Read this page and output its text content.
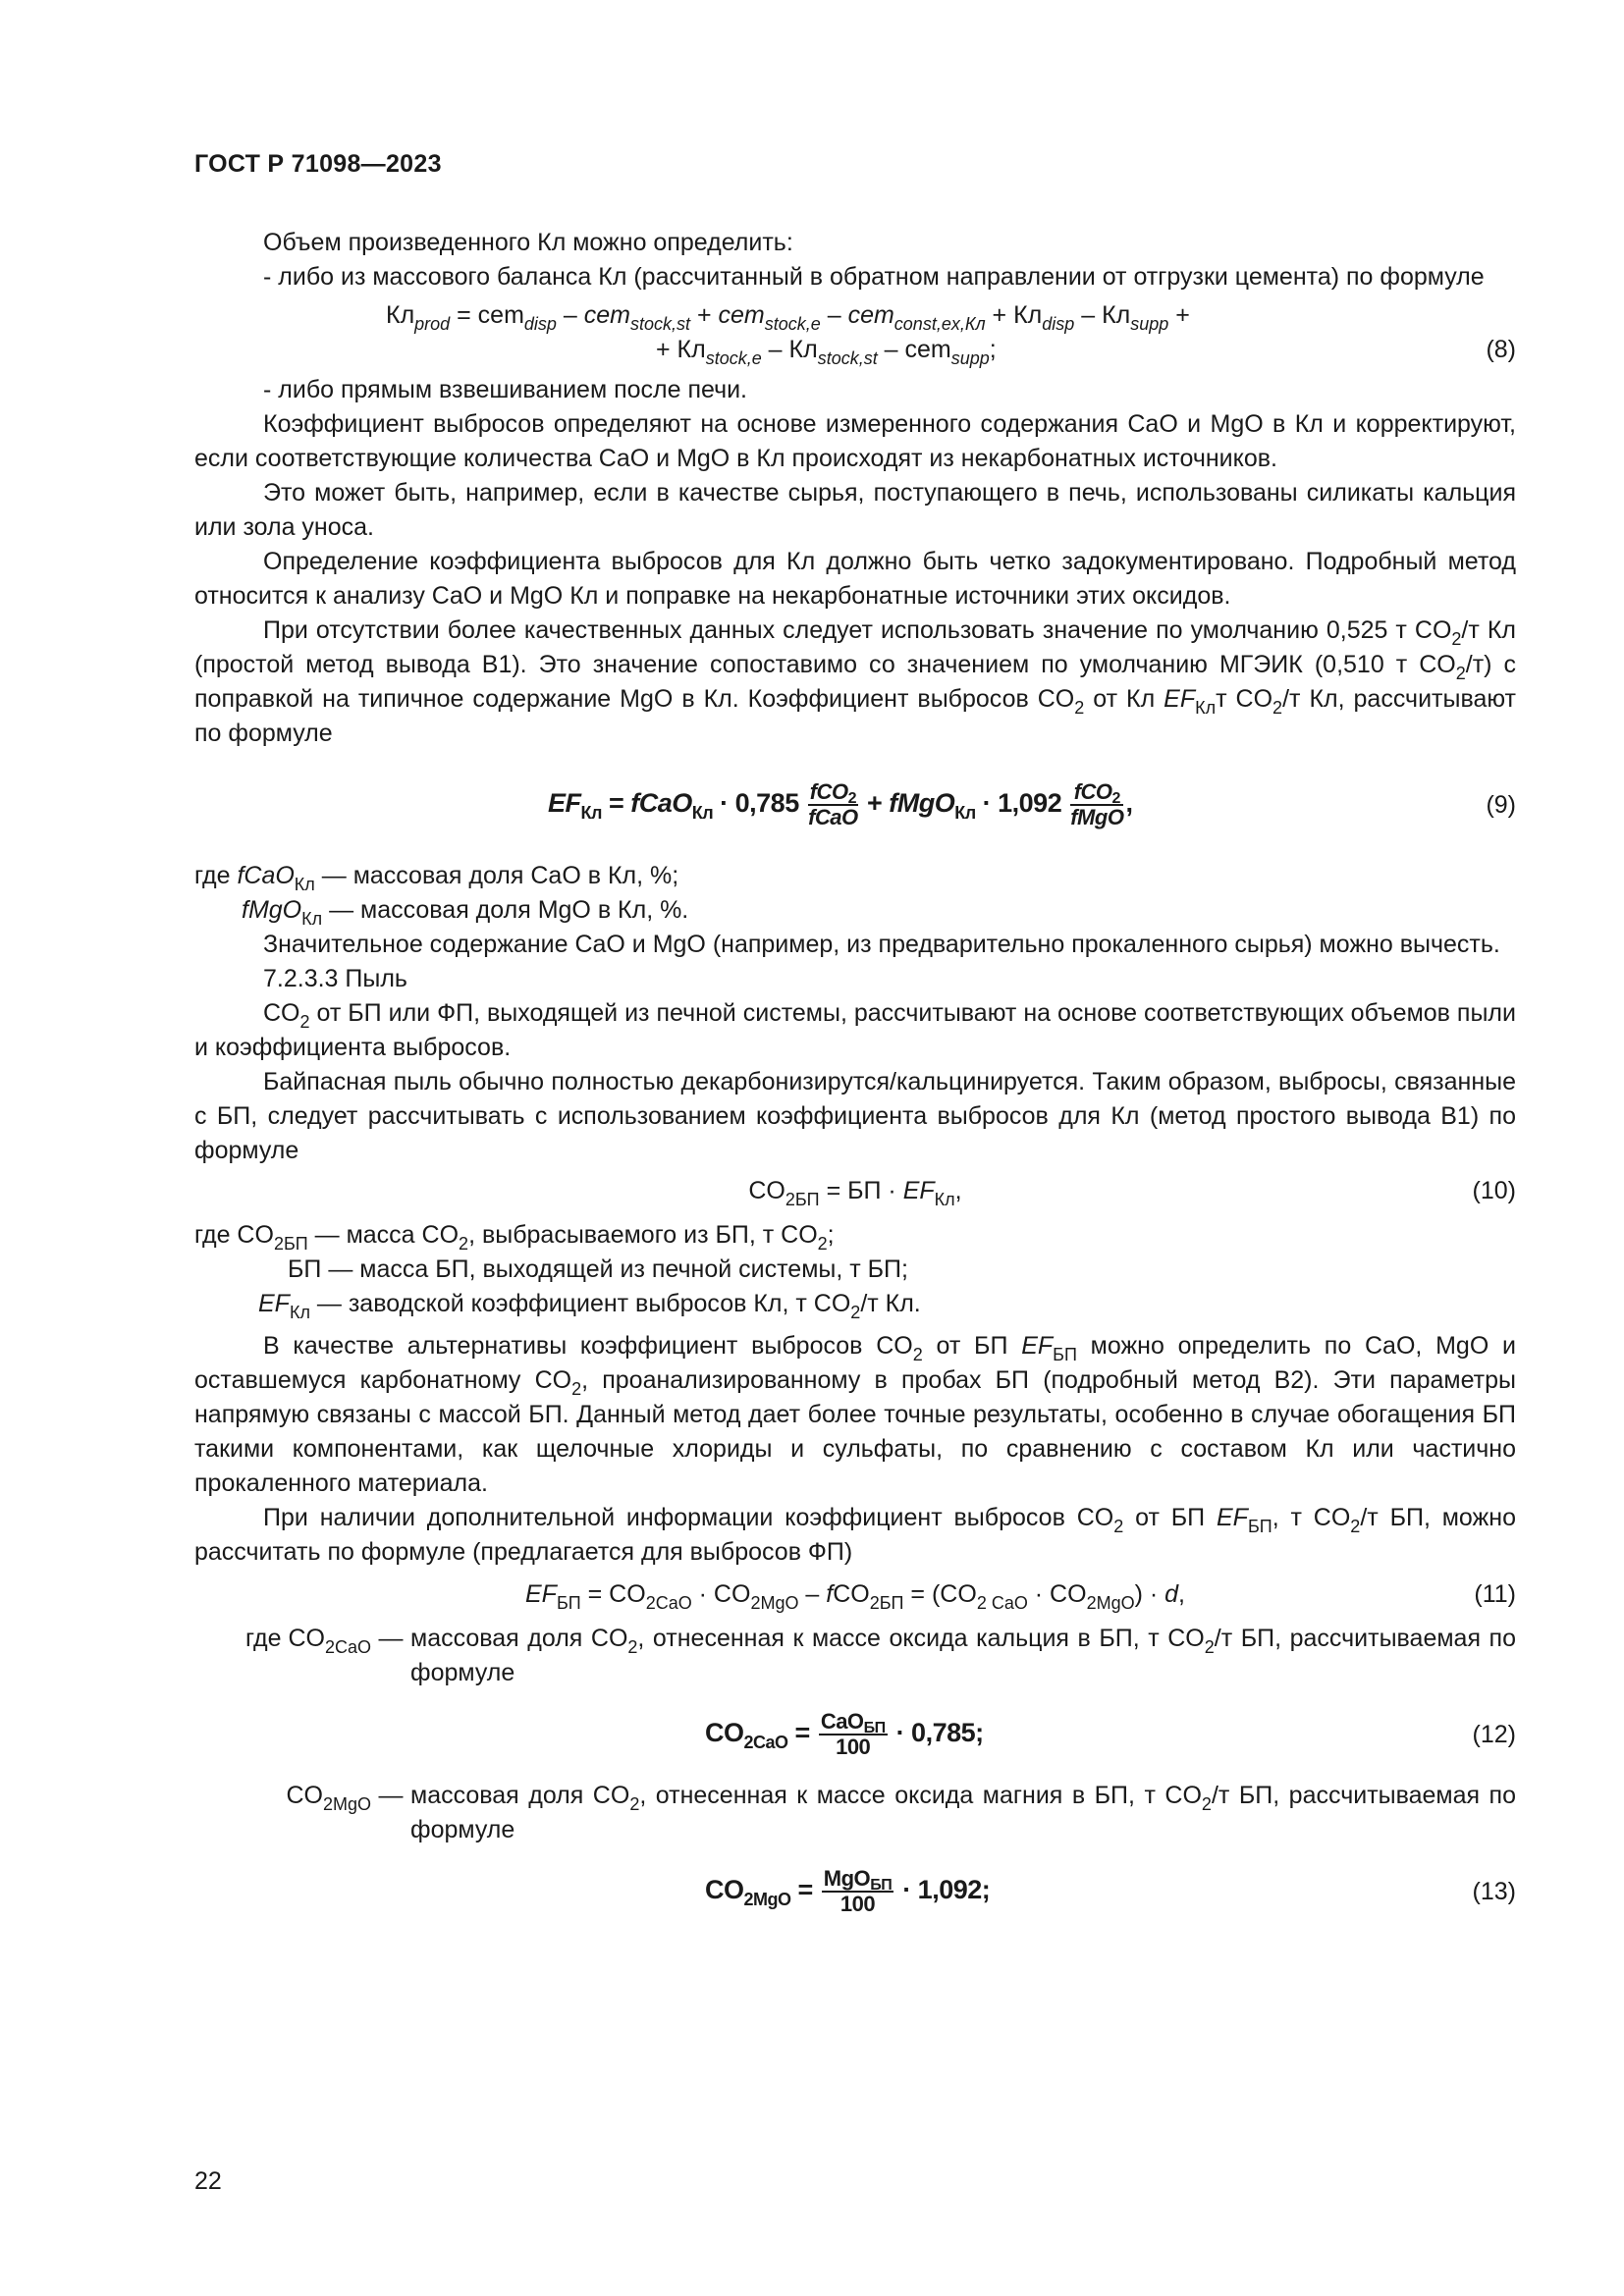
ГОСТ Р 71098—2023

Объем произведенного Кл можно определить:

- либо из массового баланса Кл (рассчитанный в обратном направлении от отгрузки цемента) по формуле

$Кл_{prod} = cem_{disp} - cem_{stock,st} + cem_{stock,e} - cem_{const,ex,Кл} + Кл_{disp} - Кл_{supp}$ +
+ $Кл_{stock,e} - Кл_{stock,st} - cem_{supp}$;	(8)

- либо прямым взвешиванием после печи.

Коэффициент выбросов определяют на основе измеренного содержания CaO и MgO в Кл и корректируют, если соответствующие количества CaO и MgO в Кл происходят из некарбонатных источников.

Это может быть, например, если в качестве сырья, поступающего в печь, использованы силикаты кальция или зола уноса.

Определение коэффициента выбросов для Кл должно быть четко задокументировано. Подробный метод относится к анализу CaO и MgO Кл и поправке на некарбонатные источники этих оксидов.

При отсутствии более качественных данных следует использовать значение по умолчанию 0,525 т $CO_2/т$ Кл (простой метод вывода B1). Это значение сопоставимо со значением по умолчанию МГЭИК (0,510 т $CO_2/т$) с поправкой на типичное содержание MgO в Кл. Коэффициент выбросов $CO_2$ от Кл $EF_{Кл}т$ $CO_2/т$ Кл, рассчитывают по формуле

$EF_{Кл}$ = fCaO$_{Кл}$ · $0,785 \frac{fCO_2}{\text{fCaO}}$ + fMgO$_{Кл}$ · $1,092 \frac{fCO_2}{\text{fMgO}}$ ,	(9)

где fCaO$_{Кл}$ — массовая доля CaO в Кл, %;

fMgO$_{Кл}$ — массовая доля MgO в Кл, %.

Значительное содержание CaO и MgO (например, из предварительно прокаленного сырья) можно вычесть.

7.2.3.3 Пыль

$CO_2$ от БП или ФП, выходящей из печной системы, рассчитывают на основе соответствующих объемов пыли и коэффициента выбросов.

Байпасная пыль обычно полностью декарбонизирутся/кальцинируется. Таким образом, выбросы, связанные с БП, следует рассчитывать с использованием коэффициента выбросов для Кл (метод простого вывода B1) по формуле

$CO_{2БП}$ = БП · $EF_{Кл}$,	(10)

где $CO_{2БП}$ — масса $CO_2$, выбрасываемого из БП, т $CO_2$;

БП — масса БП, выходящей из печной системы, т БП;

$EF_{Кл}$ — заводской коэффициент выбросов Кл, т $CO_2/т$ Кл.

В качестве альтернативы коэффициент выбросов $CO_2$ от БП $EF_{БП}$ можно определить по CaO, MgO и оставшемуся карбонатному $CO_2$, проанализированному в пробах БП (подробный метод B2). Эти параметры напрямую связаны с массой БП. Данный метод дает более точные результаты, особенно в случае обогащения БП такими компонентами, как щелочные хлориды и сульфаты, по сравнению с составом Кл или частично прокаленного материала.

При наличии дополнительной информации коэффициент выбросов $CO_2$ от БП $EF_{БП}$, т $CO_2/т$ БП, можно рассчитать по формуле (предлагается для выбросов ФП)

$EF_{БП} = CO_{2CaO} \cdot CO_{2MgO} - fCO_{2БП} = (CO_{2 CaO} \cdot CO_{2MgO}) \cdot d$,	(11)
где $CO_{2CaO}$ — массовая доля $CO_2$, отнесенная к массе оксида кальция в БП, т $CO_2/т$ БП, рассчитываемая по формуле
$CO_{2CaO} = \frac{CaO_{БП}}{100} \cdot 0,785$;	(12)
$CO_{2MgO}$ — массовая доля $CO_2$, отнесенная к массе оксида магния в БП, т $CO_2/т$ БП, рассчитываемая по формуле
$CO_{2MgO} = \frac{MgO_{БП}}{100} \cdot 1,092$;	(13)
22
